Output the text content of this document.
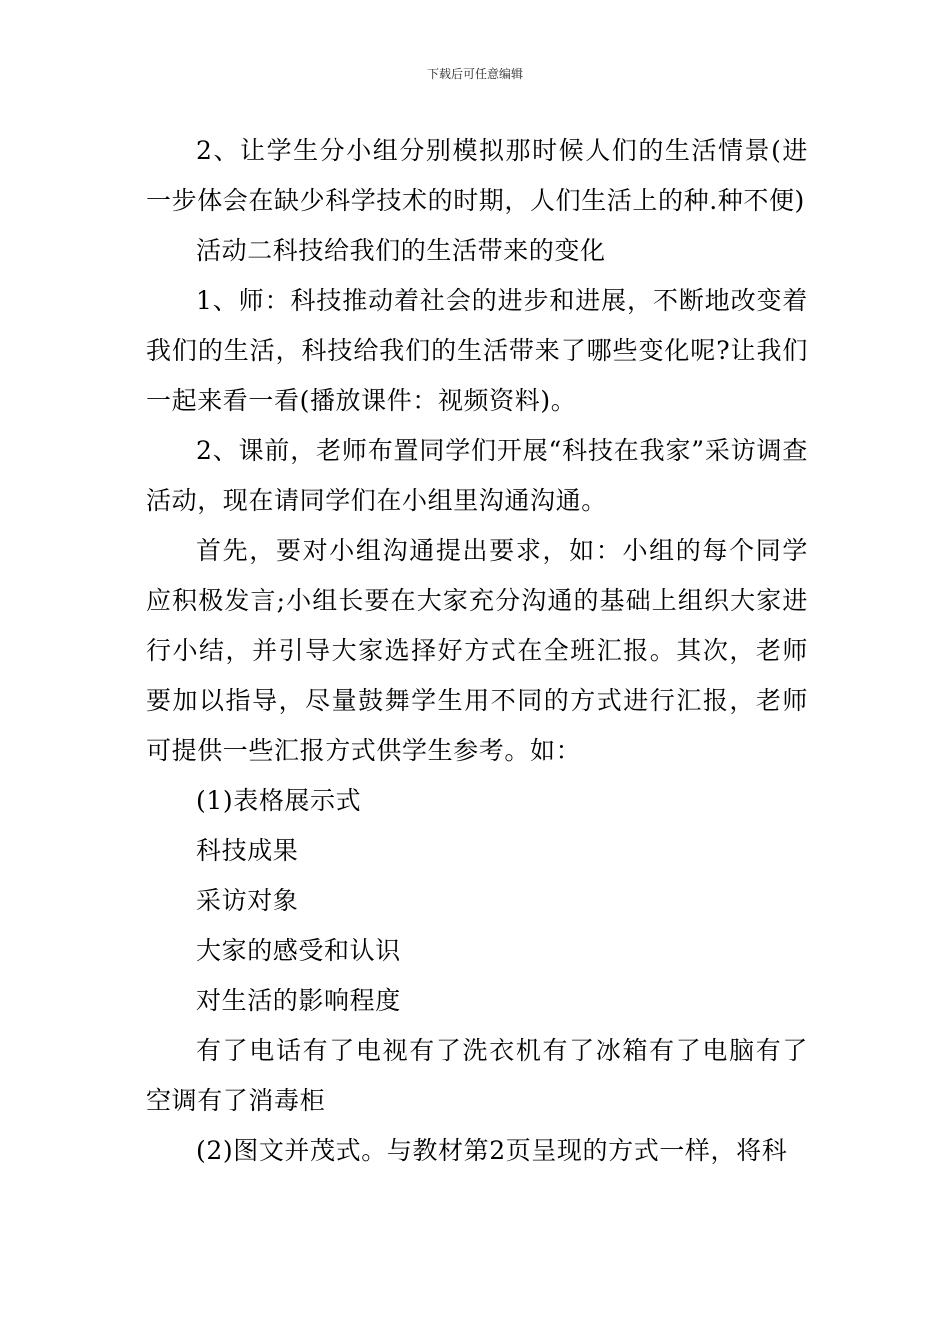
下载后可任意编辑

2、让学生分小组分别模拟那时候人们的生活情景(进一步体会在缺少科学技术的时期，人们生活上的种.种不便)

活动二科技给我们的生活带来的变化

1、师：科技推动着社会的进步和进展，不断地改变着我们的生活，科技给我们的生活带来了哪些变化呢?让我们一起来看一看(播放课件：视频资料)。

2、课前，老师布置同学们开展“科技在我家”采访调查活动，现在请同学们在小组里沟通沟通。

首先，要对小组沟通提出要求，如：小组的每个同学应积极发言;小组长要在大家充分沟通的基础上组织大家进行小结，并引导大家选择好方式在全班汇报。其次，老师要加以指导，尽量鼓舞学生用不同的方式进行汇报，老师可提供一些汇报方式供学生参考。如：

(1)表格展示式

科技成果

采访对象

大家的感受和认识

对生活的影响程度

有了电话有了电视有了洗衣机有了冰箱有了电脑有了空调有了消毒柜

(2)图文并茂式。与教材第2页呈现的方式一样，将科
